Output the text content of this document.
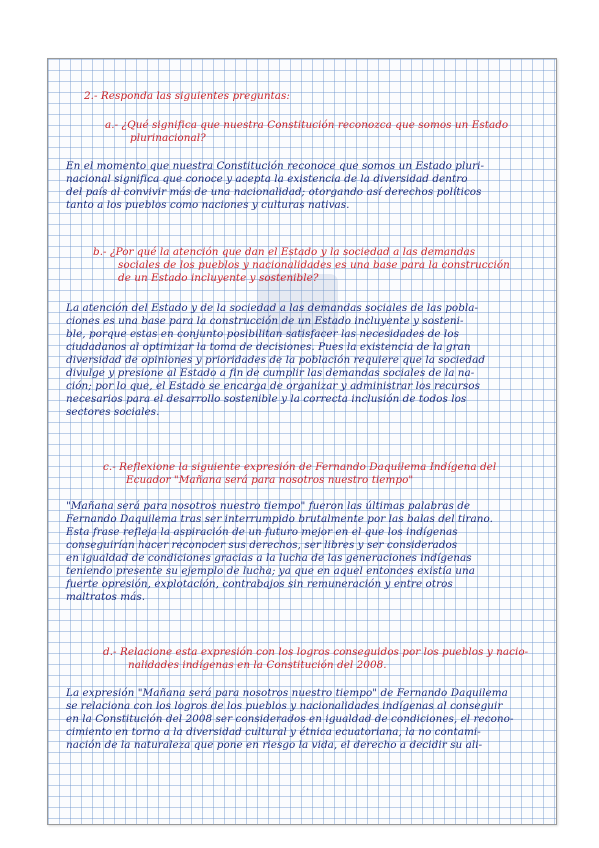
2.- Responda las siguientes preguntas:
a.- ¿Qué significa que nuestra Constitución reconozca que somos un Estado
plurinacional?
En el momento que nuestra Constitución reconoce que somos un Estado pluri-
nacional significa que conoce y acepta la existencia de la diversidad dentro
del país al convivir más de una nacionalidad; otorgando así derechos políticos
tanto a los pueblos como naciones y culturas nativas.
b.- ¿Por qué la atención que dan el Estado y la sociedad a las demandas
sociales de los pueblos y nacionalidades es una base para la construcción
de un Estado incluyente y sostenible?
La atención del Estado y de la sociedad a las demandas sociales de las pobla-
ciones es una base para la construcción de un Estado incluyente y sosteni-
ble, porque estas en conjunto posibilitan satisfacer las necesidades de los
ciudadanos al optimizar la toma de decisiones. Pues la existencia de la gran
diversidad de opiniones y prioridades de la población requiere que la sociedad
divulge y presione al Estado a fin de cumplir las demandas sociales de la na-
ción; por lo que, el Estado se encarga de organizar y administrar los recursos
necesarios para el desarrollo sostenible y la correcta inclusión de todos los
sectores sociales.
c.- Reflexione la siguiente expresión de Fernando Daquilema Indígena del
Ecuador "Mañana será para nosotros nuestro tiempo"
"Mañana será para nosotros nuestro tiempo" fueron las últimas palabras de
Fernando Daquilema tras ser interrumpido brutalmente por las balas del tirano.
Esta frase refleja la aspiración de un futuro mejor en el que los indígenas
conseguirían hacer reconocer sus derechos, ser libres y ser considerados
en igualdad de condiciones gracias a la lucha de las generaciones indígenas
teniendo presente su ejemplo de lucha; ya que en aquel entonces existía una
fuerte opresión, explotación, contrabajos sin remuneración y entre otros
maltratos más.
d.- Relacione esta expresión con los logros conseguidos por los pueblos y nacio-
nalidades indígenas en la Constitución del 2008.
La expresión "Mañana será para nosotros nuestro tiempo" de Fernando Daquilema
se relaciona con los logros de los pueblos y nacionalidades indígenas al conseguir
en la Constitución del 2008 ser considerados en igualdad de condiciones, el recono-
cimiento en torno a la diversidad cultural y étnica ecuatoriana, la no contami-
nación de la naturaleza que pone en riesgo la vida, el derecho a decidir su ali-
